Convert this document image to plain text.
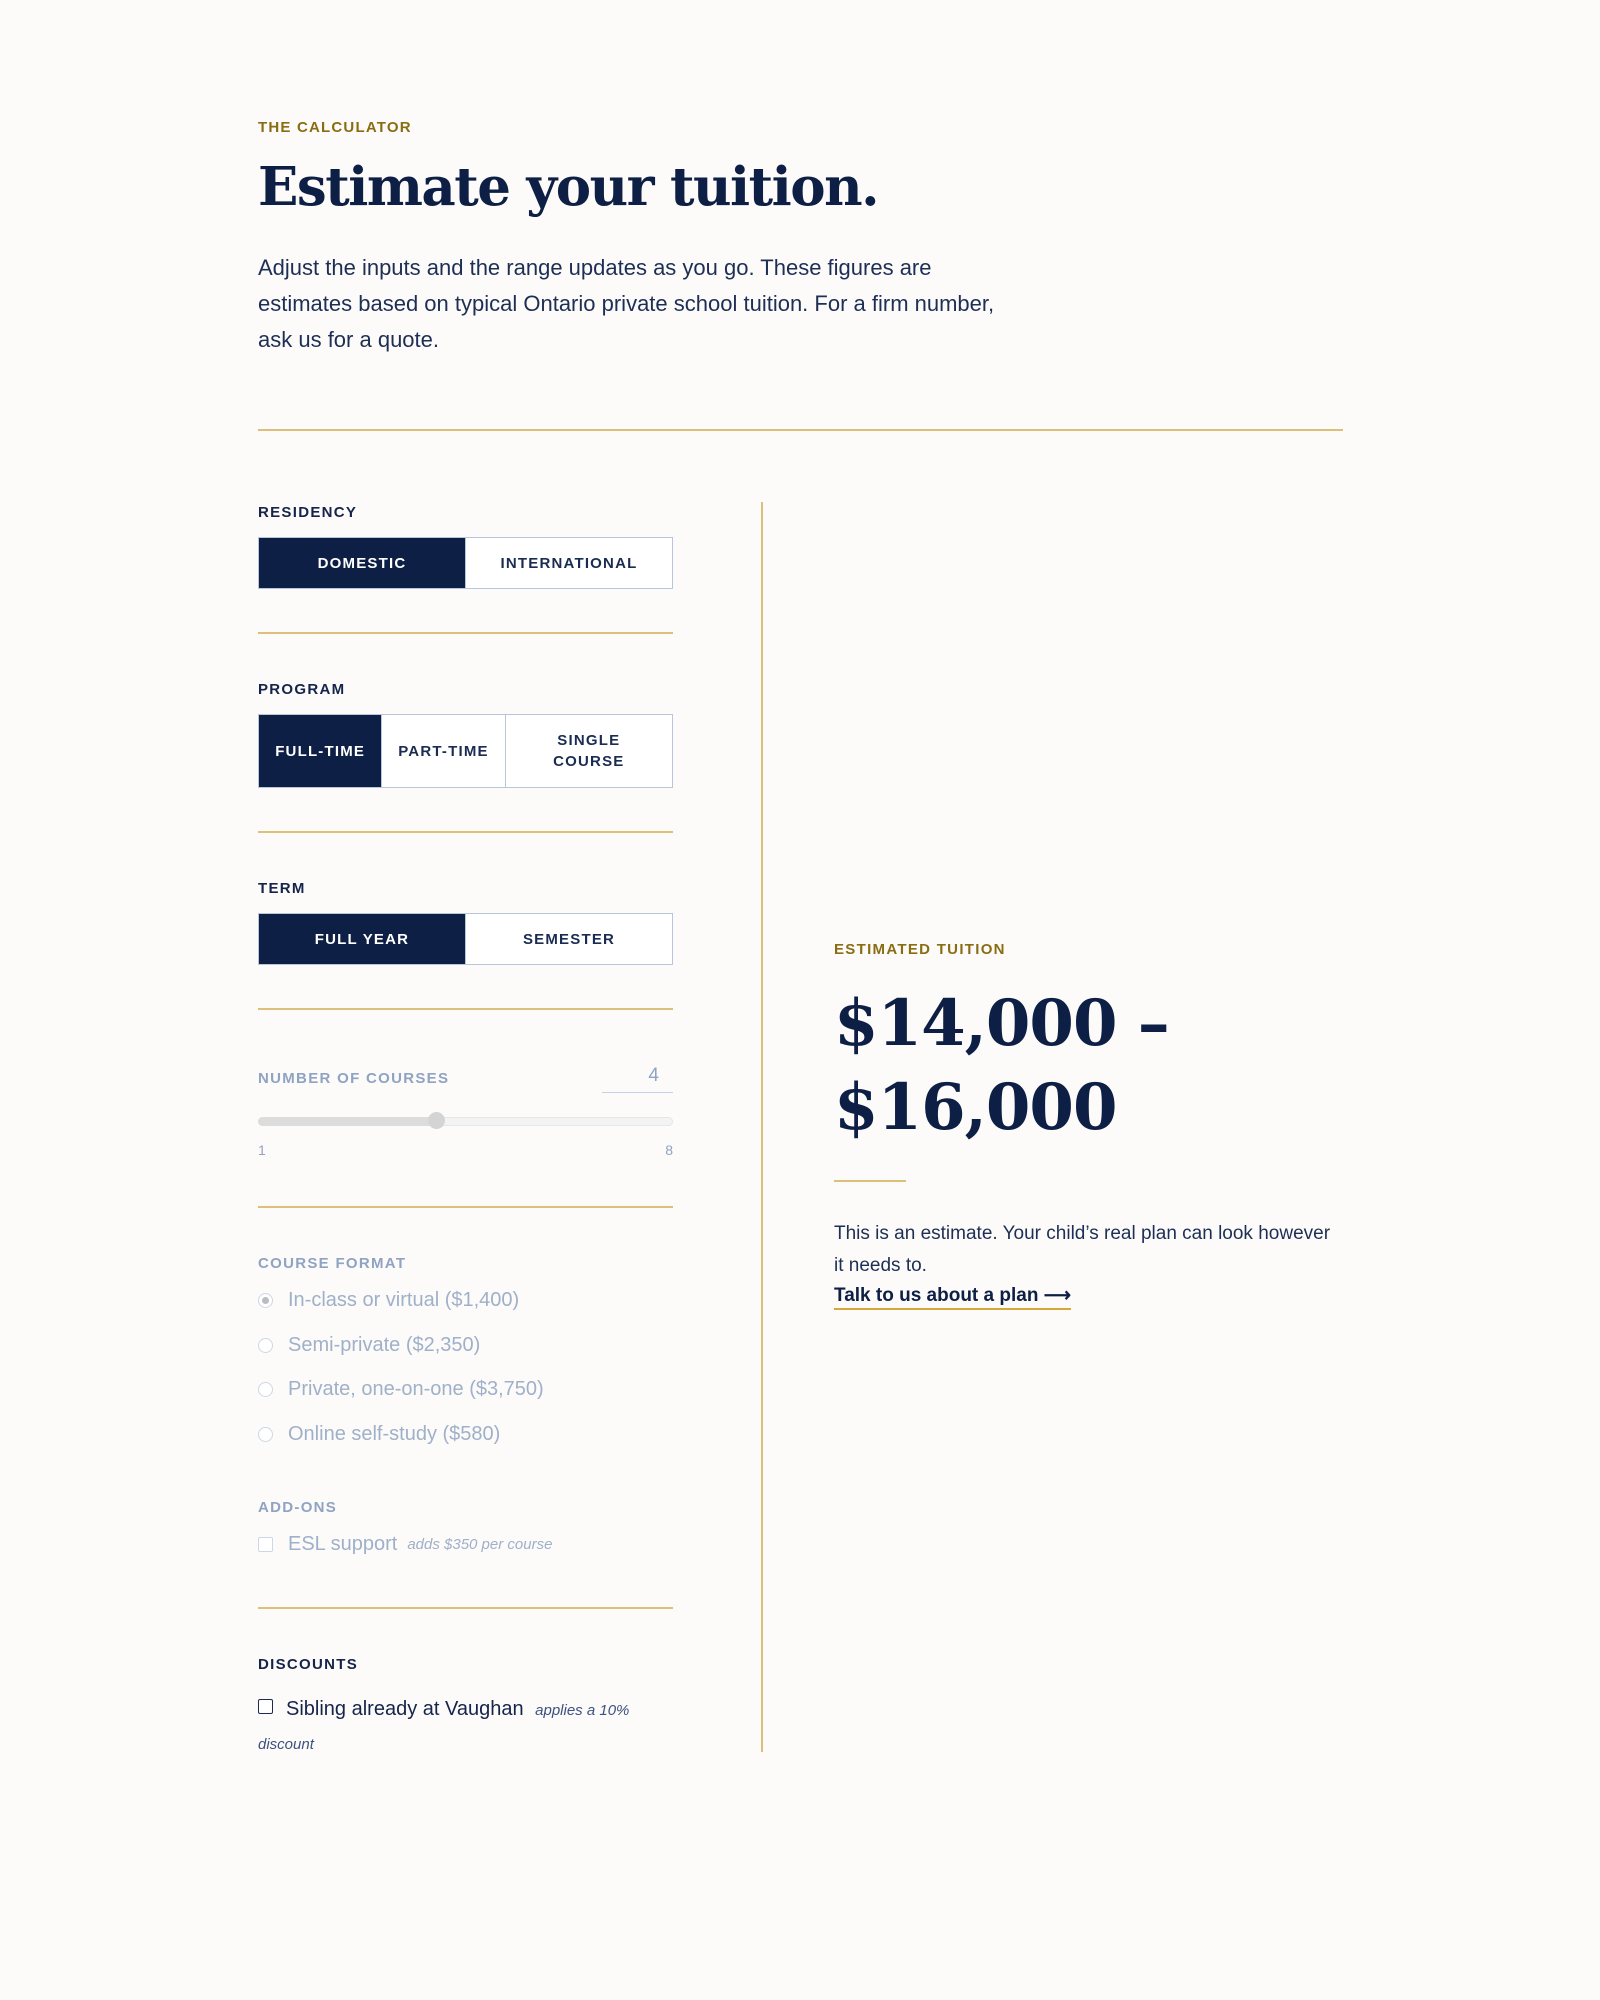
THE CALCULATOR
Estimate your tuition.

Adjust the inputs and the range updates as you go. These figures are estimates based on typical Ontario private school tuition. For a firm number, ask us for a quote.

RESIDENCY
DOMESTIC	INTERNATIONAL
PROGRAM
FULL-TIME	PART-TIME
SINGLE COURSE
TERM
FULL YEAR	SEMESTER
NUMBER OF COURSES	4
1	8
COURSE FORMAT
In-class or virtual ($1,400)
Semi-private ($2,350)
Private, one-on-one ($3,750)
Online self-study ($580)
ADD-ONS
ESL support adds $350 per course
DISCOUNTS
Sibling already at Vaughan applies a 10% discount
ESTIMATED TUITION
$14,000 –
$16,000

This is an estimate. Your child’s real plan can look however it needs to.

Talk to us about a plan ⟶
